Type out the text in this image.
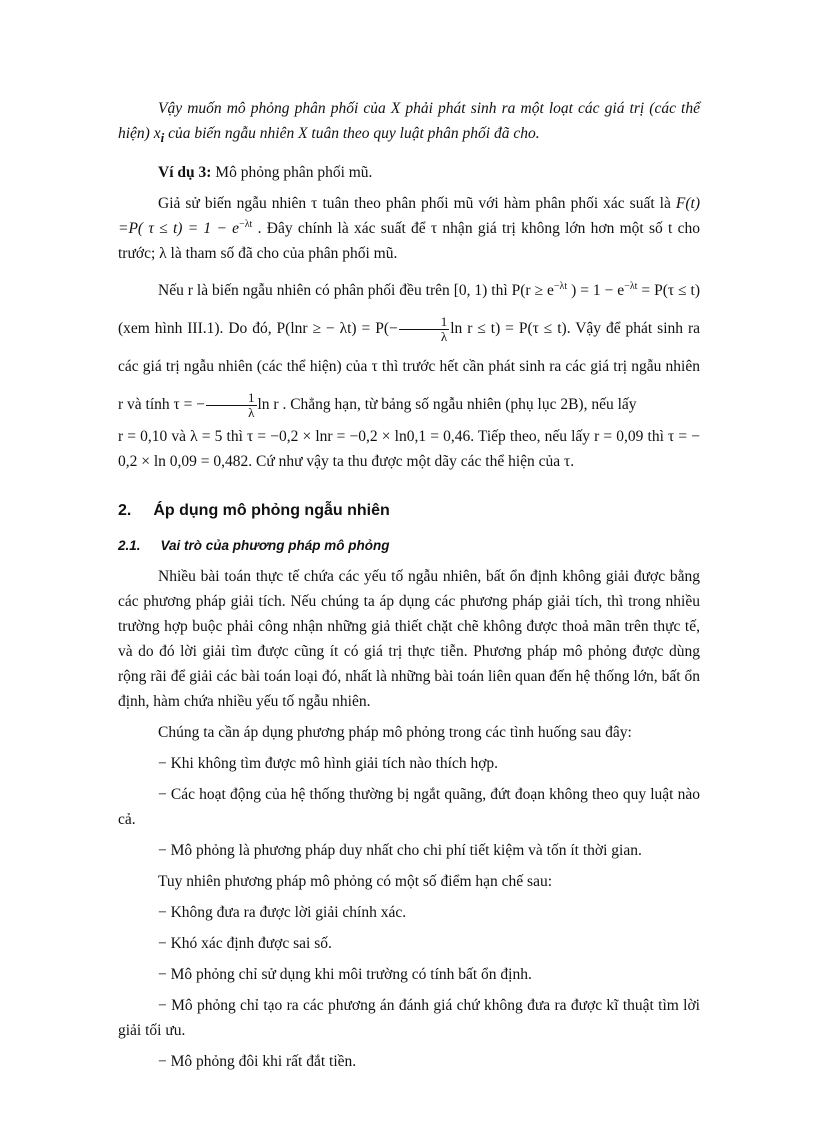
Vậy muốn mô phỏng phân phối của X phải phát sinh ra một loạt các giá trị (các thể hiện) $x_i$ của biến ngẫu nhiên X tuân theo quy luật phân phối đã cho.

Ví dụ 3: Mô phỏng phân phối mũ.

Giả sử biến ngẫu nhiên τ tuân theo phân phối mũ với hàm phân phối xác suất là F(t) =P( $\tau \le t) = 1 - e^{-\lambda t}$ . Đây chính là xác suất để τ nhận giá trị không lớn hơn một số t cho trước; λ là tham số đã cho của phân phối mũ.

Nếu r là biến ngẫu nhiên có phân phối đều trên [0, 1) thì $P(r \ge e^{-\lambda t}$ ) = $1 - e^{-\lambda t} = P(\tau \le t)$ (xem hình III.1). Do đó, P(lnr ≥ − $\lambda t) = P(- \frac{1}{\lambda}$ ln r ≤ t) = P(τ ≤ t). Vậy để phát sinh ra các giá trị ngẫu nhiên (các thể hiện) của τ thì trước hết cần phát sinh ra các giá trị ngẫu nhiên r và tính τ = − $\frac{1}{\lambda}$ ln r . Chẳng hạn, từ bảng số ngẫu nhiên (phụ lục 2B), nếu lấy

r = 0,10 và λ = 5 thì τ = −0,2 × lnr = −0,2 × ln0,1 = 0,46. Tiếp theo, nếu lấy r = 0,09 thì τ = − 0,2 × ln 0,09 = 0,482. Cứ như vậy ta thu được một dãy các thể hiện của τ.

2. Áp dụng mô phỏng ngẫu nhiên
2.1. Vai trò của phương pháp mô phỏng

Nhiều bài toán thực tế chứa các yếu tố ngẫu nhiên, bất ổn định không giải được bằng các phương pháp giải tích. Nếu chúng ta áp dụng các phương pháp giải tích, thì trong nhiều trường hợp buộc phải công nhận những giả thiết chặt chẽ không được thoả mãn trên thực tế, và do đó lời giải tìm được cũng ít có giá trị thực tiễn. Phương pháp mô phỏng được dùng rộng rãi để giải các bài toán loại đó, nhất là những bài toán liên quan đến hệ thống lớn, bất ổn định, hàm chứa nhiều yếu tố ngẫu nhiên.

Chúng ta cần áp dụng phương pháp mô phỏng trong các tình huống sau đây:

− Khi không tìm được mô hình giải tích nào thích hợp.

− Các hoạt động của hệ thống thường bị ngắt quãng, đứt đoạn không theo quy luật nào cả.

− Mô phỏng là phương pháp duy nhất cho chi phí tiết kiệm và tốn ít thời gian.

Tuy nhiên phương pháp mô phỏng có một số điểm hạn chế sau:

− Không đưa ra được lời giải chính xác.

− Khó xác định được sai số.

− Mô phỏng chỉ sử dụng khi môi trường có tính bất ổn định.

− Mô phỏng chỉ tạo ra các phương án đánh giá chứ không đưa ra được kĩ thuật tìm lời giải tối ưu.

− Mô phỏng đôi khi rất đắt tiền.
